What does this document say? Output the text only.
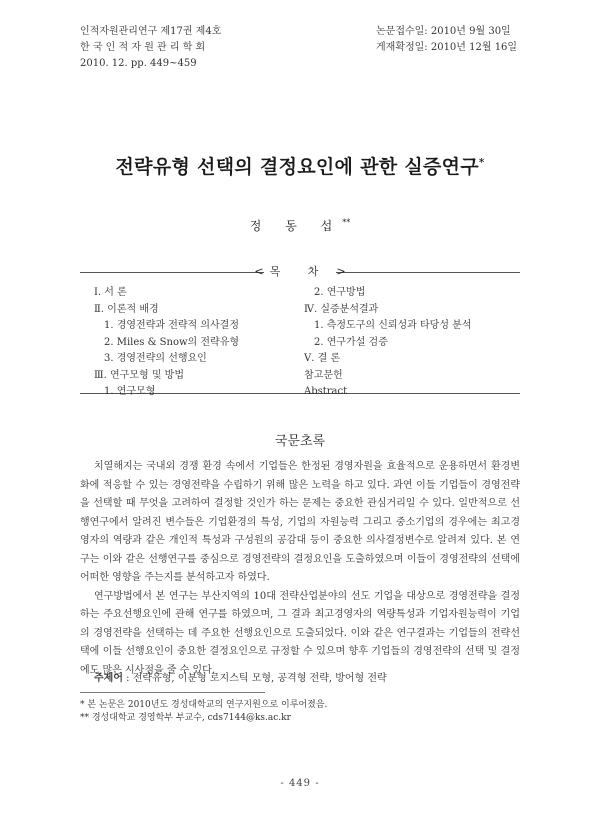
인적자원관리연구 제17권 제4호
한 국 인 적 자 원 관 리 학 회
2010. 12. pp. 449~459
논문접수일: 2010년 9월 30일
게재확정일: 2010년 12월 16일
전략유형 선택의 결정요인에 관한 실증연구*
정 동 섭**
< 목 차 >
Ⅰ. 서 론
Ⅱ. 이론적 배경
1. 경영전략과 전략적 의사결정
2. Miles & Snow의 전략유형
3. 경영전략의 선행요인
Ⅲ. 연구모형 및 방법
1. 연구모형
2. 연구방법
Ⅳ. 실증분석결과
1. 측정도구의 신뢰성과 타당성 분석
2. 연구가설 검증
Ⅴ. 결 론
참고문헌
Abstract
국문초록

치열해지는 국내외 경쟁 환경 속에서 기업들은 한정된 경영자원을 효율적으로 운용하면서 환경변화에 적응할 수 있는 경영전략을 수립하기 위해 많은 노력을 하고 있다. 과연 이들 기업들이 경영전략을 선택할 때 무엇을 고려하여 결정할 것인가 하는 문제는 중요한 관심거리일 수 있다. 일반적으로 선행연구에서 알려진 변수들은 기업환경의 특성, 기업의 자원능력 그리고 중소기업의 경우에는 최고경영자의 역량과 같은 개인적 특성과 구성원의 공감대 등이 중요한 의사결정변수로 알려져 있다. 본 연구는 이와 같은 선행연구를 중심으로 경영전략의 결정요인을 도출하였으며 이들이 경영전략의 선택에 어떠한 영향을 주는지를 분석하고자 하였다.

연구방법에서 본 연구는 부산지역의 10대 전략산업분야의 선도 기업을 대상으로 경영전략을 결정하는 주요선행요인에 관해 연구를 하였으며, 그 결과 최고경영자의 역량특성과 기업자원능력이 기업의 경영전략을 선택하는 데 주요한 선행요인으로 도출되었다. 이와 같은 연구결과는 기업들의 전략선택에 이들 선행요인이 중요한 결정요인으로 규정할 수 있으며 향후 기업들의 경영전략의 선택 및 결정에도 많은 시사점을 줄 수 있다.

주제어 : 전략유형, 이분형 로지스틱 모형, 공격형 전략, 방어형 전략
* 본 논문은 2010년도 경성대학교의 연구지원으로 이루어졌음.
** 경성대학교 경영학부 부교수, cds7144@ks.ac.kr
- 449 -
